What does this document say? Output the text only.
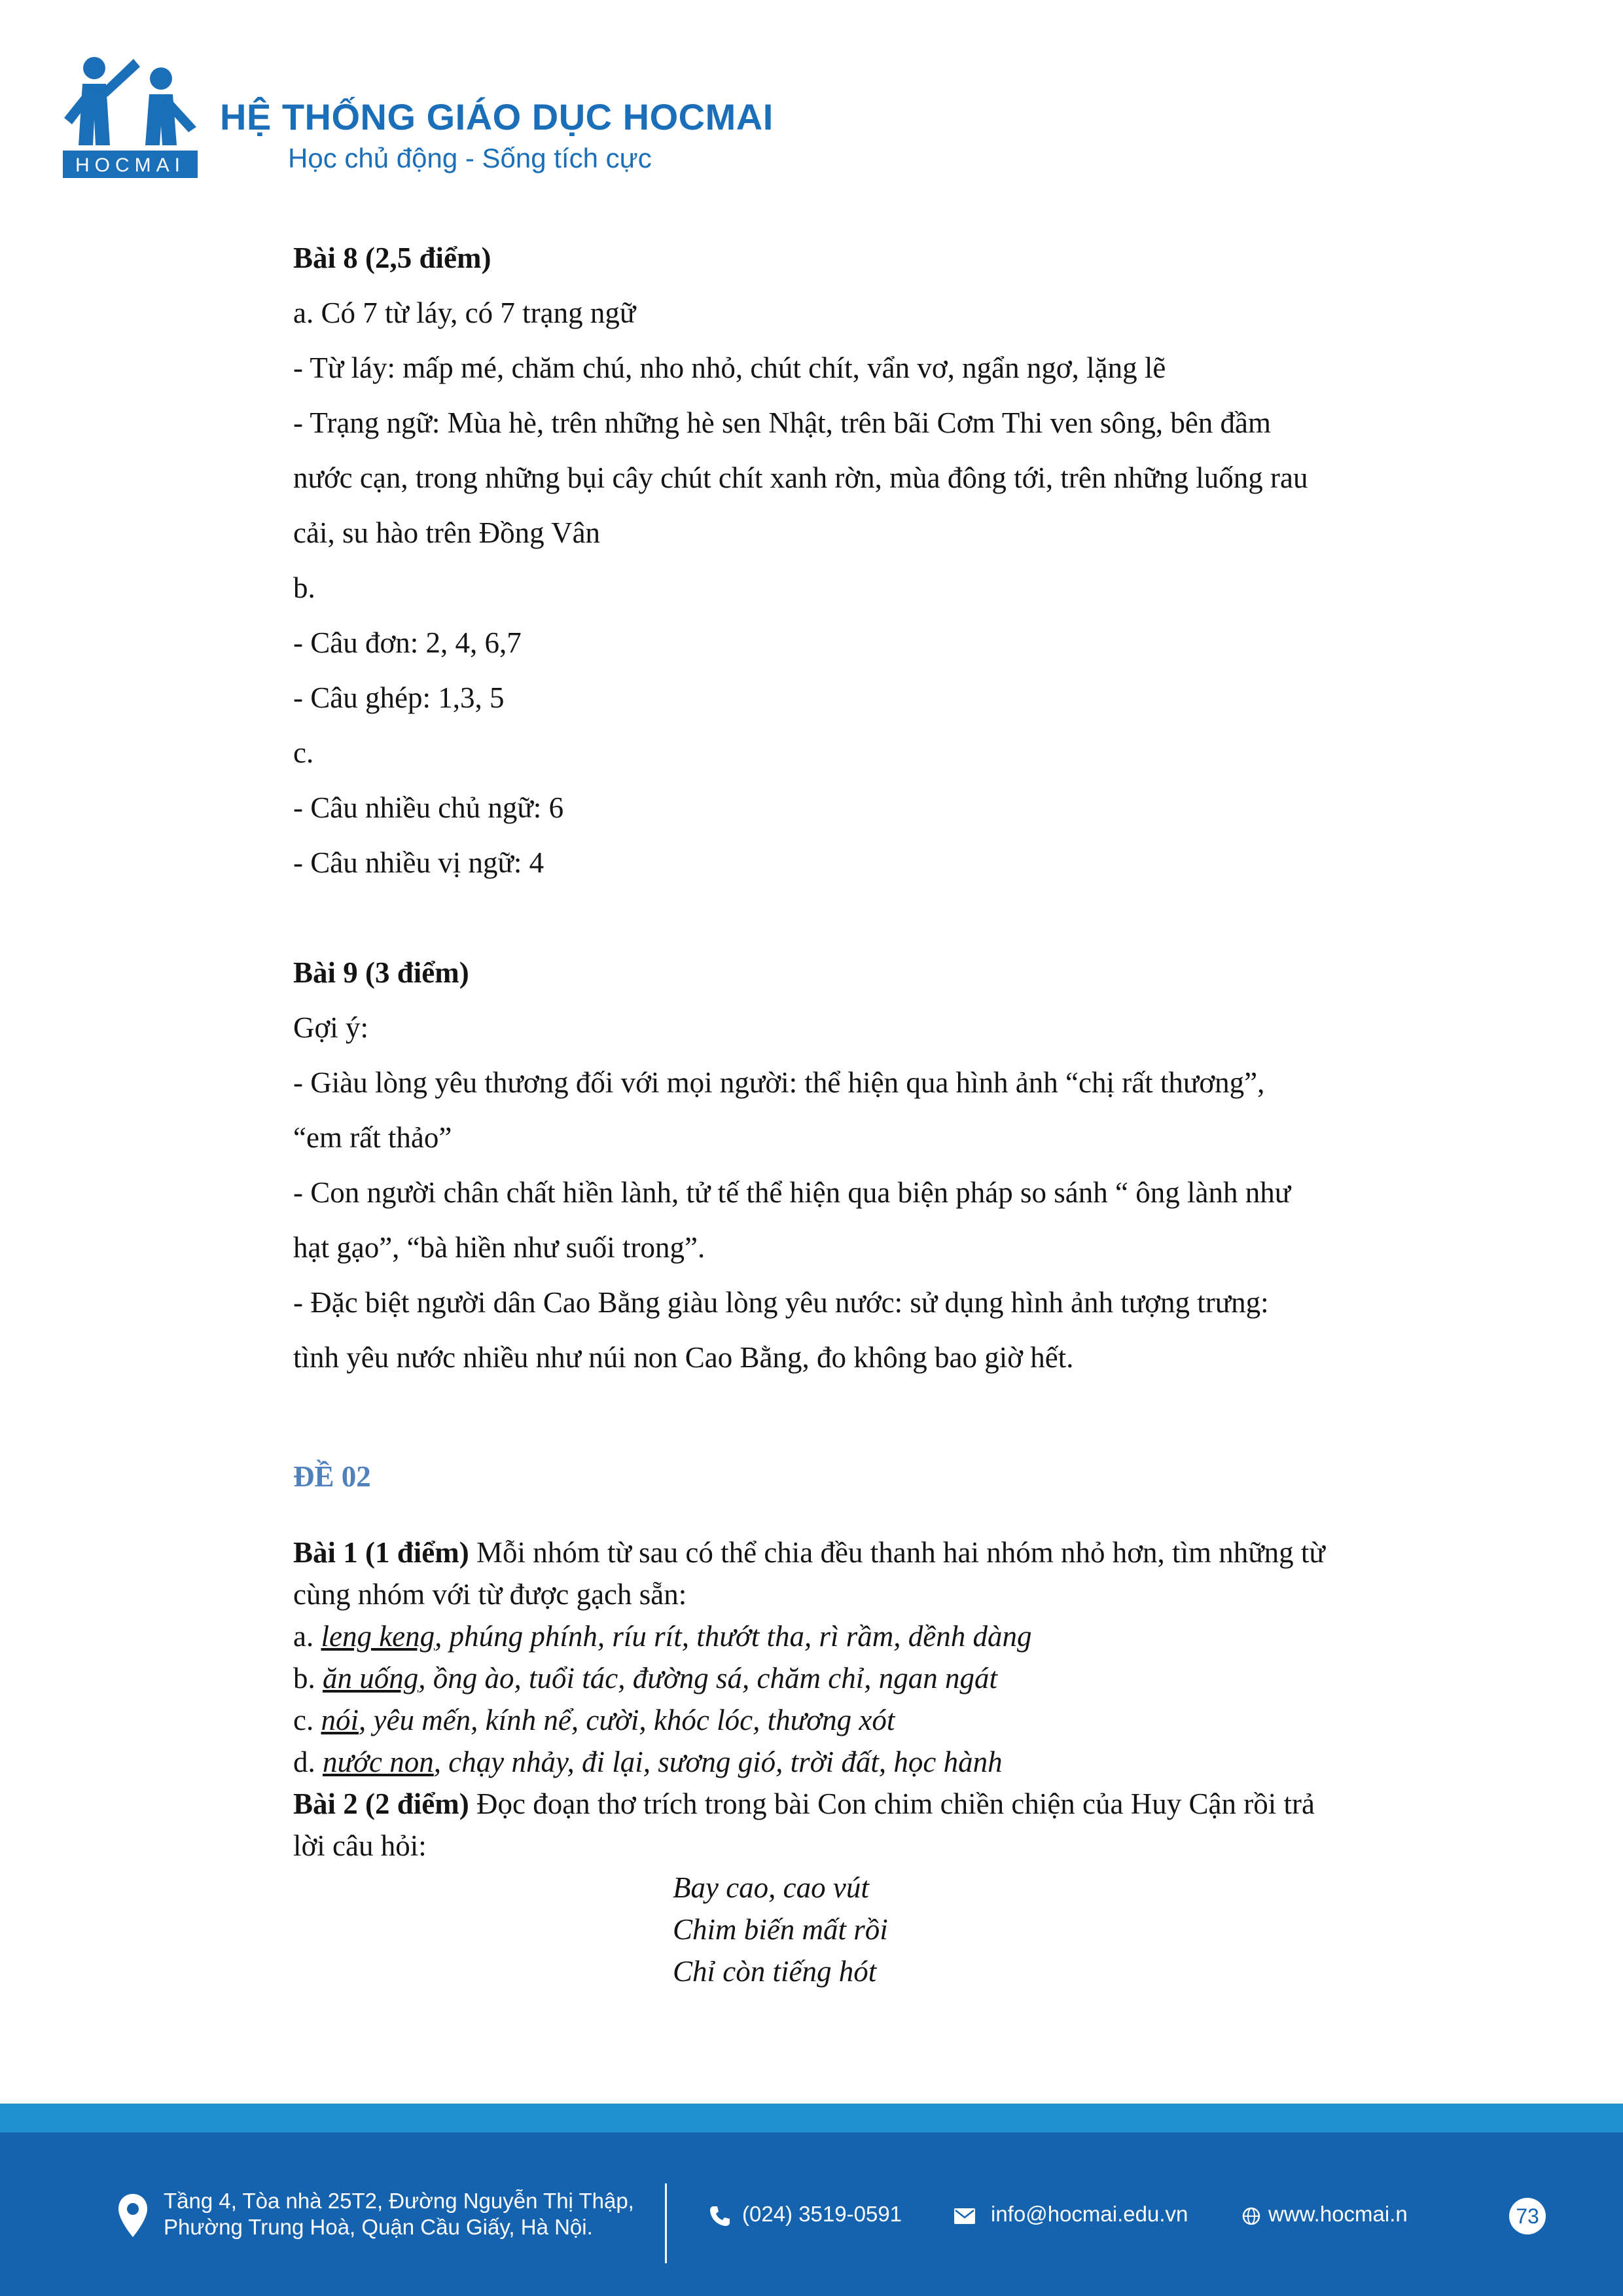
HOCMAI
HỆ THỐNG GIÁO DỤC HOCMAI
Học chủ động - Sống tích cực
Bài 8 (2,5 điểm)
a. Có 7 từ láy, có 7 trạng ngữ
- Từ láy: mấp mé, chăm chú, nho nhỏ, chút chít, vẩn vơ, ngẩn ngơ, lặng lẽ
- Trạng ngữ: Mùa hè, trên những hè sen Nhật, trên bãi Cơm Thi ven sông, bên đầm
nước cạn, trong những bụi cây chút chít xanh rờn, mùa đông tới, trên những luống rau
cải, su hào trên Đồng Vân
b.
- Câu đơn: 2, 4, 6,7
- Câu ghép: 1,3, 5
c.
- Câu nhiều chủ ngữ: 6
- Câu nhiều vị ngữ: 4
Bài 9 (3 điểm)
Gợi ý:
- Giàu lòng yêu thương đối với mọi người: thể hiện qua hình ảnh “chị rất thương”,
“em rất thảo”
- Con người chân chất hiền lành, tử tế thể hiện qua biện pháp so sánh “ ông lành như
hạt gạo”, “bà hiền như suối trong”.
- Đặc biệt người dân Cao Bằng giàu lòng yêu nước: sử dụng hình ảnh tượng trưng:
tình yêu nước nhiều như núi non Cao Bằng, đo không bao giờ hết.
ĐỀ 02
Bài 1 (1 điểm) Mỗi nhóm từ sau có thể chia đều thanh hai nhóm nhỏ hơn, tìm những từ
cùng nhóm với từ được gạch sẵn:
a. leng keng, phúng phính, ríu rít, thướt tha, rì rầm, dềnh dàng
b. ăn uống, ồng ào, tuổi tác, đường sá, chăm chỉ, ngan ngát
c. nói, yêu mến, kính nể, cười, khóc lóc, thương xót
d. nước non, chạy nhảy, đi lại, sương gió, trời đất, học hành
Bài 2 (2 điểm) Đọc đoạn thơ trích trong bài Con chim chiền chiện của Huy Cận rồi trả
lời câu hỏi:
Bay cao, cao vút
Chim biến mất rồi
Chỉ còn tiếng hót
Tầng 4, Tòa nhà 25T2, Đường Nguyễn Thị Thập,
Phường Trung Hoà, Quận Cầu Giấy, Hà Nội.
(024) 3519-0591	info@hocmai.edu.vn	www.hocmai.n	73
